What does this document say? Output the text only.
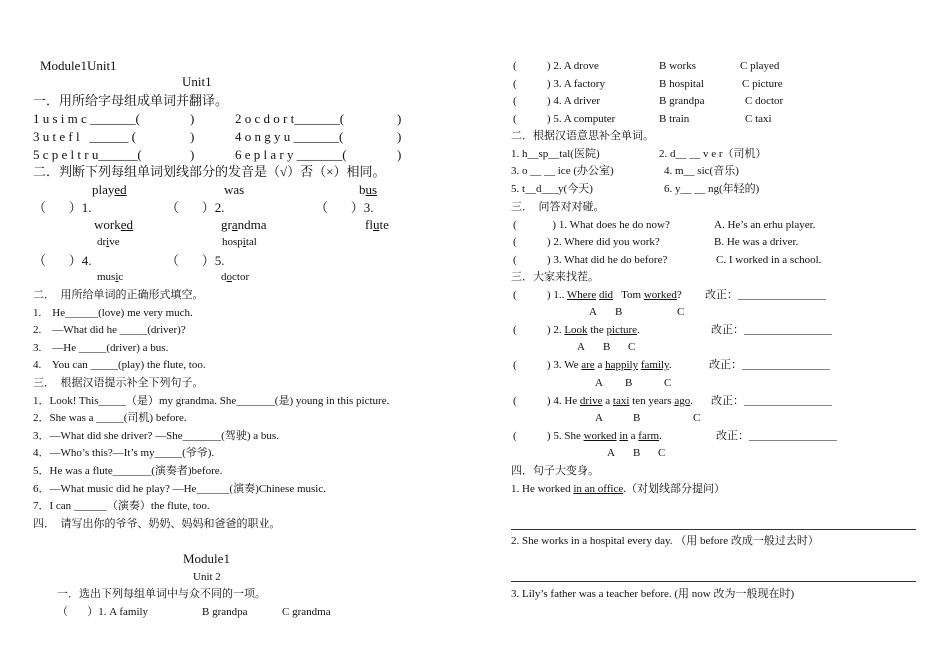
Module1Unit1
Unit1
一．用所给字母组成单词并翻译。
1 u s i m c _______(	)	2 o c d o r t_______(	)
3 u t e f l   ______ (	)	4 o n g y u _______(	)
5 c p e l t r u______(	)	6 e p l a r y _______(	)
二．判断下列每组单词划线部分的发音是（√）否（×）相同。
played	was	bus
（       ）1.	（       ）2.	（       ）3.
worked	grandma	flute
drive	hospital
（       ）4.	（       ）5.
music	doctor
二．  用所给单词的正确形式填空。
1.    He______(love) me very much.
2.    —What did he _____(driver)?
3.    —He _____(driver) a bus.
4.    You can _____(play) the flute, too.
三．  根据汉语提示补全下列句子。
1．Look! This_____（是）my grandma. She_______(是) young in this picture.
2．She was a _____(司机) before.
3．—What did she driver? —She_______(驾驶) a bus.
4．—Who’s this?—It’s my_____(爷爷).
5．He was a flute_______(演奏者)before.
6．—What music did he play? —He______(演奏)Chinese music.
7．I can ______（演奏）the flute, too.
四．  请写出你的爷爷、奶奶、妈妈和爸爸的职业。
Module1
Unit 2
一．选出下列每组单词中与众不同的一项。
（       ）1. A family	B grandpa	C grandma
(           ) 2. A drove	B works	C played
(           ) 3. A factory	B hospital	C picture
(           ) 4. A driver	B grandpa	C doctor
(           ) 5. A computer	B train	C taxi
二．根据汉语意思补全单词。
1. h__sp__tal(医院)	2. d__ __ v e r（司机）
3. o __ __ ice (办公室)	4. m__ sic(音乐)
5. t__d___y(今天)	6. y__ __ ng(年轻的)
三．  问答对对碰。
(             ) 1. What does he do now?	A. He’s an erhu player.
(           ) 2. Where did you work?	B. He was a driver.
(           ) 3. What did he do before?	C. I worked in a school.
三．大家来找茬。
(           ) 1.. Where did   Tom worked? 改正：________________
A B	C
(           ) 2. Look the picture.	改正：________________
A B C
(           ) 3. We are a happily family.	改正：________________
A B	C
(           ) 4. He drive a taxi ten years ago. 改正：________________
A	B	C
(           ) 5. She worked in a farm.	改正：________________
A B C
四．句子大变身。
1. He worked in an office.（对划线部分提问）
2. She works in a hospital every day. （用 before 改成一般过去时）
3. Lily’s father was a teacher before. (用 now 改为一般现在时)
